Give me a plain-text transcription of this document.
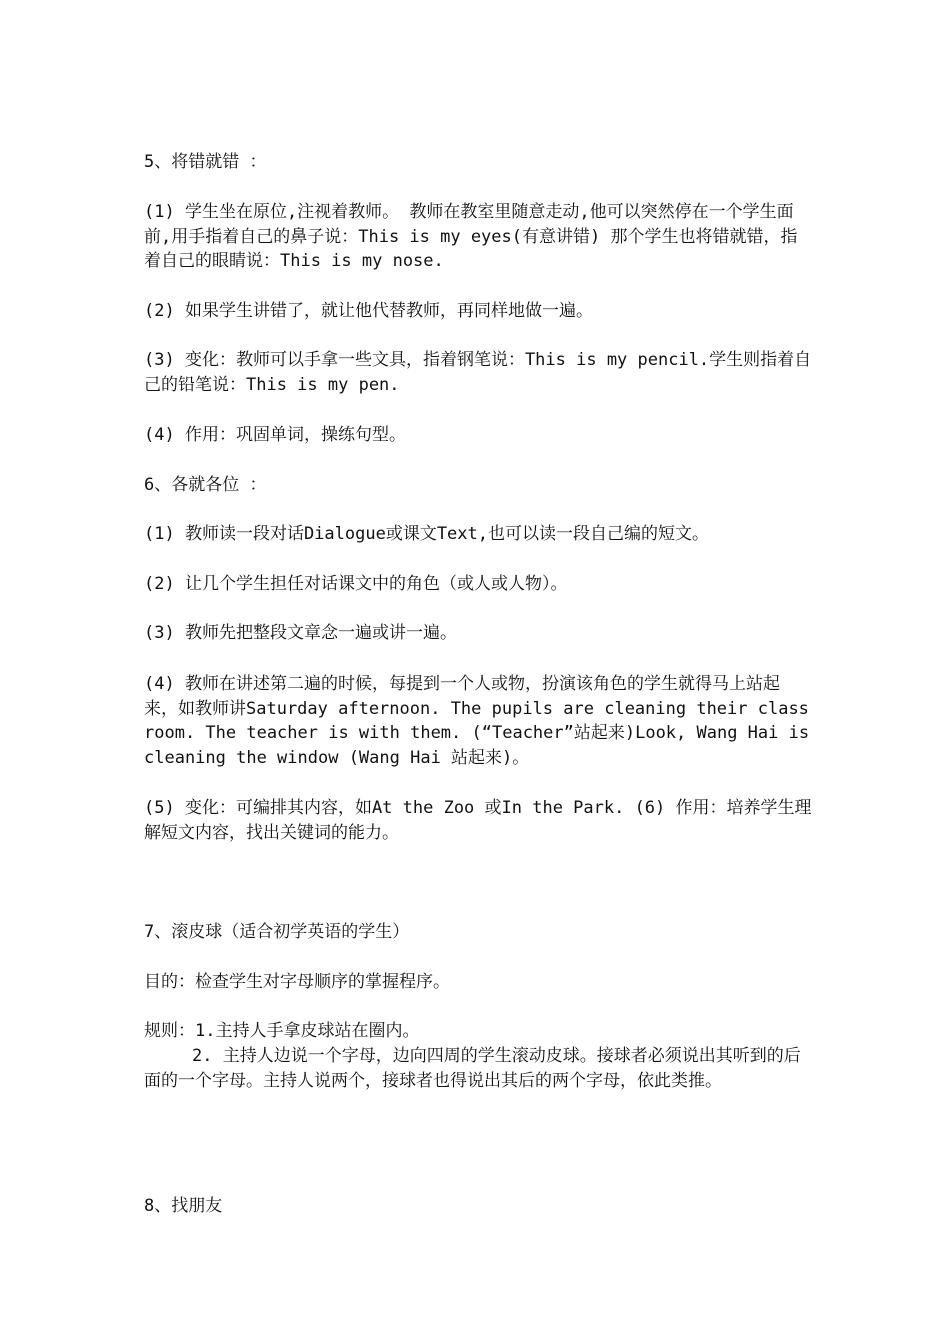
5、将错就错 ：

(1) 学生坐在原位,注视着教师。 教师在教室里随意走动,他可以突然停在一个学生面前,用手指着自己的鼻子说：This is my eyes(有意讲错) 那个学生也将错就错，指着自己的眼睛说：This is my nose.

(2) 如果学生讲错了，就让他代替教师，再同样地做一遍。

(3) 变化：教师可以手拿一些文具，指着钢笔说：This is my pencil.学生则指着自己的铅笔说：This is my pen.

(4) 作用：巩固单词，操练句型。

6、各就各位 ：

(1) 教师读一段对话Dialogue或课文Text,也可以读一段自己编的短文。

(2) 让几个学生担任对话课文中的角色（或人或人物）。

(3) 教师先把整段文章念一遍或讲一遍。

(4) 教师在讲述第二遍的时候，每提到一个人或物，扮演该角色的学生就得马上站起来，如教师讲Saturday afternoon. The pupils are cleaning their classroom. The teacher is with them. (“Teacher”站起来)Look, Wang Hai is cleaning the window (Wang Hai 站起来)。

(5) 变化：可编排其内容，如At the Zoo 或In the Park. (6) 作用：培养学生理解短文内容，找出关键词的能力。

7、滚皮球（适合初学英语的学生）

目的：检查学生对字母顺序的掌握程序。

规则：1.主持人手拿皮球站在圈内。

2. 主持人边说一个字母，边向四周的学生滚动皮球。接球者必须说出其听到的后面的一个字母。主持人说两个，接球者也得说出其后的两个字母，依此类推。

8、找朋友
